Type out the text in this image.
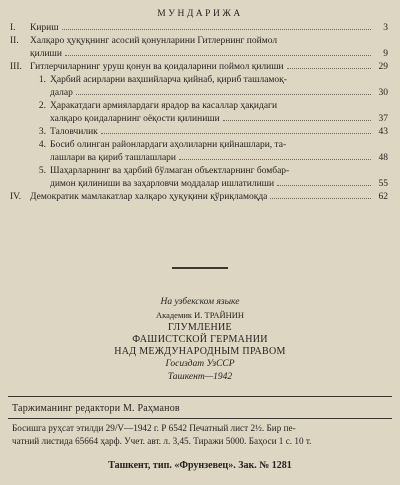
МУНДАРИЖА
I.	Кириш	3
II.	Халқаро ҳуқуқнинг асосий қонунларини Гитлернинг поймол
қилиши	9
III. Гитлерчиларнинг уруш қонун ва қоидаларини поймол қилиши	29
1. Ҳарбий асирларни ваҳшийларча қийнаб, қириб ташламоқ-
далар	30
2. Ҳаракатдаги армиялардаги ярадор ва касаллар ҳақидаги
халқаро қоидаларнинг оёқости қилиниши	37
3. Таловчилик	43
4. Босиб олинган районлардаги аҳолиларни қийнашлари, та-
лашлари ва қириб ташлашлари	48
5. Шаҳарларнинг ва ҳарбий бўлмаган объектларнинг бомбар-
димон қилиниши ва заҳарловчи моддалар ишлатилиши	55
IV. Демократик мамлакатлар халқаро ҳуқуқини қўриқламоқда	62
На узбекском языке
Академик И. ТРАЙНИН
ГЛУМЛЕНИЕ
ФАШИСТСКОЙ ГЕРМАНИИ
НАД МЕЖДУНАРОДНЫМ ПРАВОМ
Госиздат УзССР
Ташкент—1942
Таржиманинг редактори М. Раҳманов
Босишга руҳсат этилди 29/V—1942 г. Р 6542 Печатный лист 2½. Бир пе-
чатний листида 65664 ҳарф. Учет. авт. л. 3,45. Тиражи 5000. Баҳоси 1 с. 10 т.
Ташкент, тип. «Фрунзевец». Зак. № 1281
